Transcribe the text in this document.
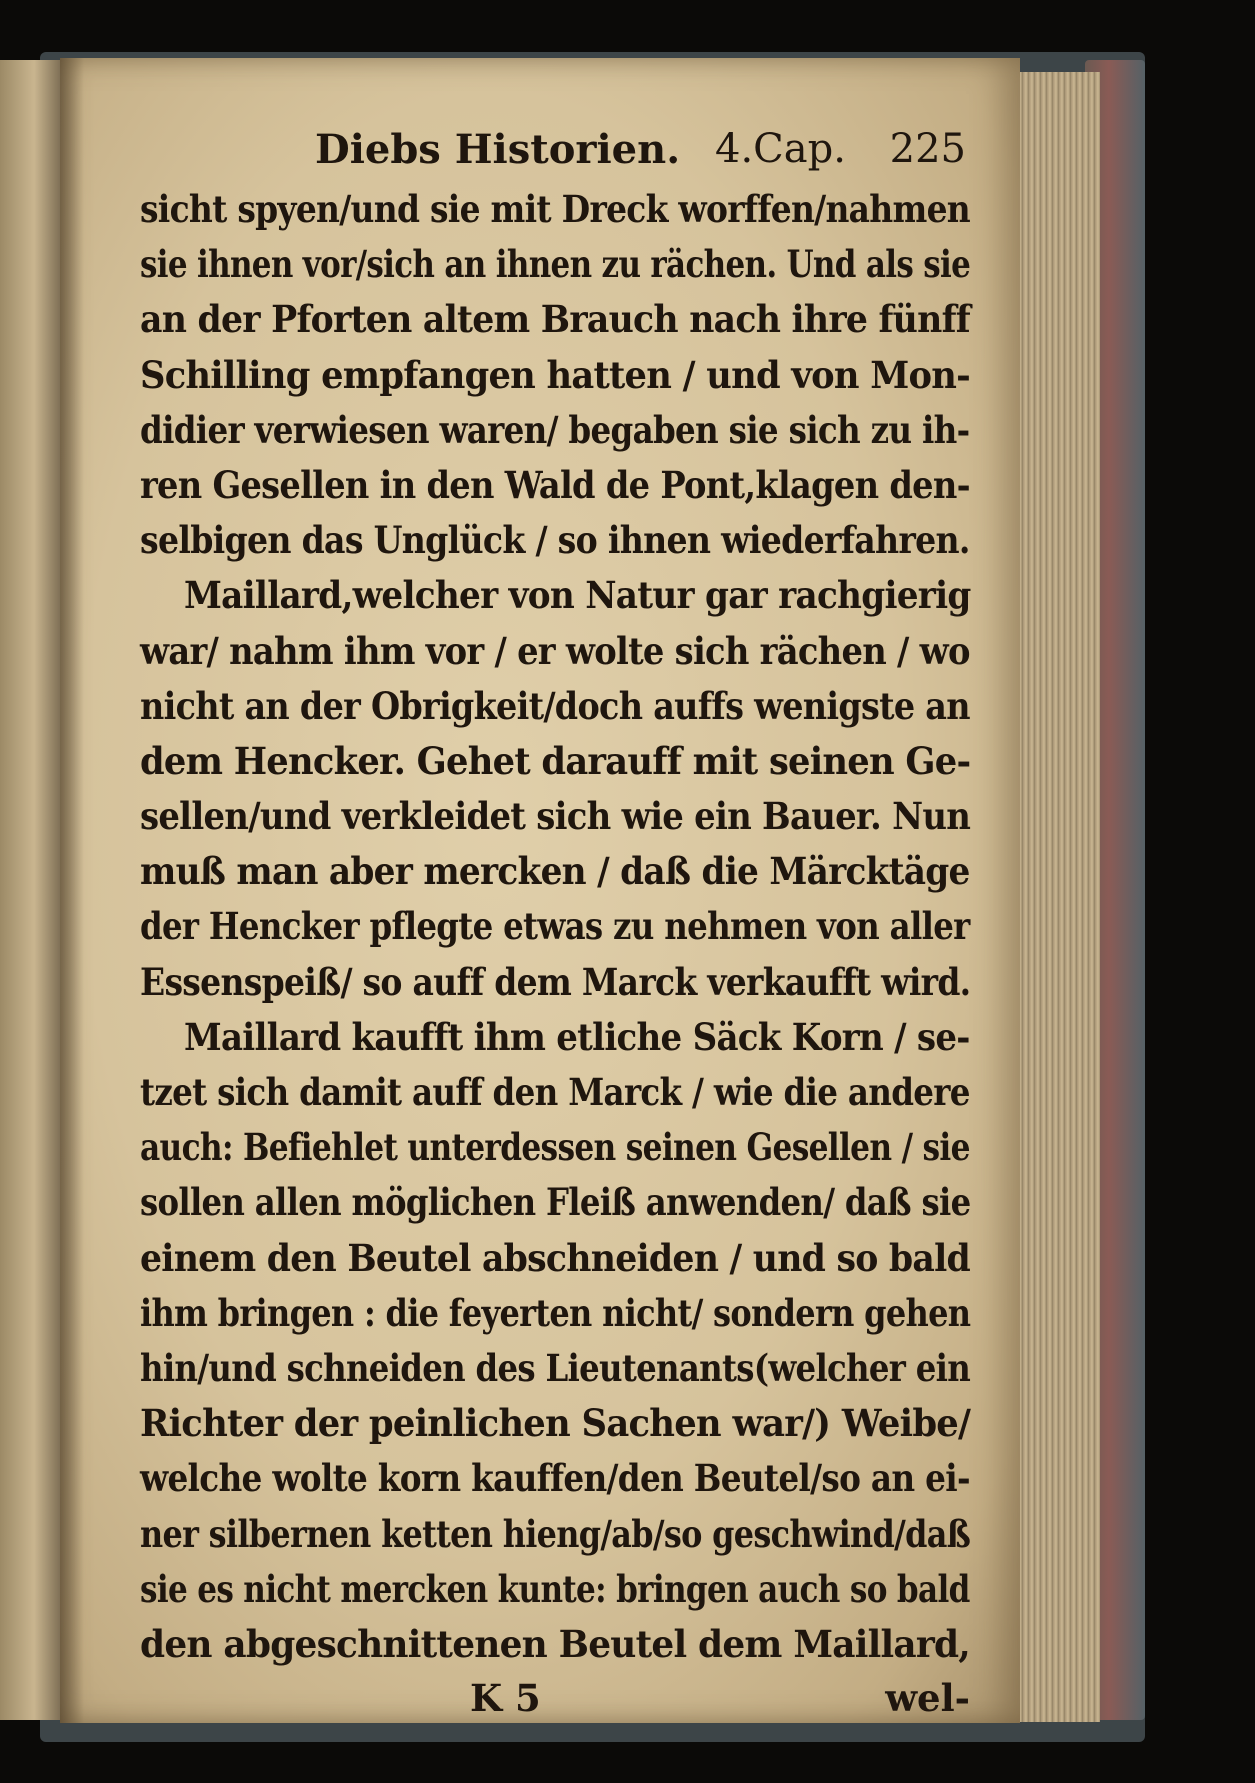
Diebs Historien. 4.Cap. 225
sicht spyen/und sie mit Dreck worffen/nahmen
sie ihnen vor/sich an ihnen zu rächen. Und als sie
an der Pforten altem Brauch nach ihre fünff
Schilling empfangen hatten / und von Mon-
didier verwiesen waren/ begaben sie sich zu ih-
ren Gesellen in den Wald de Pont,klagen den-
selbigen das Unglück / so ihnen wiederfahren.
Maillard,welcher von Natur gar rachgierig
war/ nahm ihm vor / er wolte sich rächen / wo
nicht an der Obrigkeit/doch auffs wenigste an
dem Hencker. Gehet darauff mit seinen Ge-
sellen/und verkleidet sich wie ein Bauer. Nun
muß man aber mercken / daß die Märcktäge
der Hencker pflegte etwas zu nehmen von aller
Essenspeiß/ so auff dem Marck verkaufft wird.
Maillard kaufft ihm etliche Säck Korn / se-
tzet sich damit auff den Marck / wie die andere
auch: Befiehlet unterdessen seinen Gesellen / sie
sollen allen möglichen Fleiß anwenden/ daß sie
einem den Beutel abschneiden / und so bald
ihm bringen : die feyerten nicht/ sondern gehen
hin/und schneiden des Lieutenants(welcher ein
Richter der peinlichen Sachen war/) Weibe/
welche wolte korn kauffen/den Beutel/so an ei-
ner silbernen ketten hieng/ab/so geschwind/daß
sie es nicht mercken kunte: bringen auch so bald
den abgeschnittenen Beutel dem Maillard,
K 5	wel-
